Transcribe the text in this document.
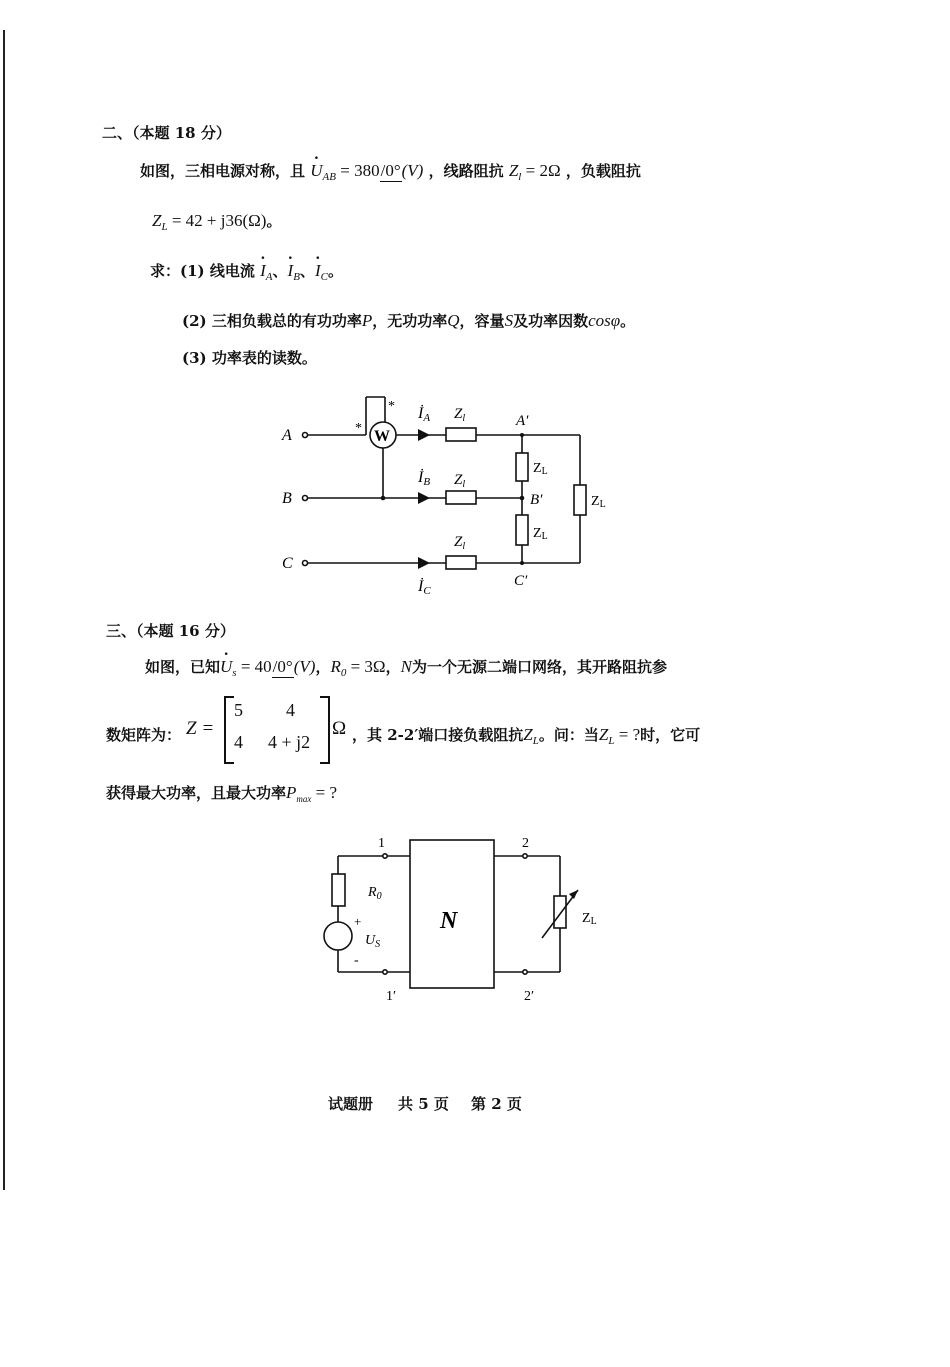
二、（本题 18 分）
如图，三相电源对称，且 · $U_{AB} = 380/$ 0°(V) ，线路阻抗 $Z_l = 2\Omega$ ，负载阻抗
$Z_L = 42 + j36(\Omega)$。
求：(1) 线电流 · $I_A$、· $I_B$、· $I_C$。
(2) 三相负载总的有功功率P，无功功率Q，容量S及功率因数cosφ。
(3) 功率表的读数。
A
B
C
W
*
* İA
İB
İC
$Z_l$
$Z_l$
$Z_l$
ZL
ZL
ZL
A′
B′
C′
三、（本题 16 分）
如图，已知· $U_s = 40/$ 0°(V)，$R_0 = 3\Omega$，N为一个无源二端口网络，其开路阻抗参
数矩阵为： Z =
5 4
4 4 + j2
Ω ，其 2-2′端口接负载阻抗$Z_L$。问：当$Z_L$ = ?时，它可
获得最大功率，且最大功率$P_{max}$ = ?
1	2
1′	2′
$R_0$
$U_S$
+
-
N	ZL
试题册 共 5 页 第 2 页
